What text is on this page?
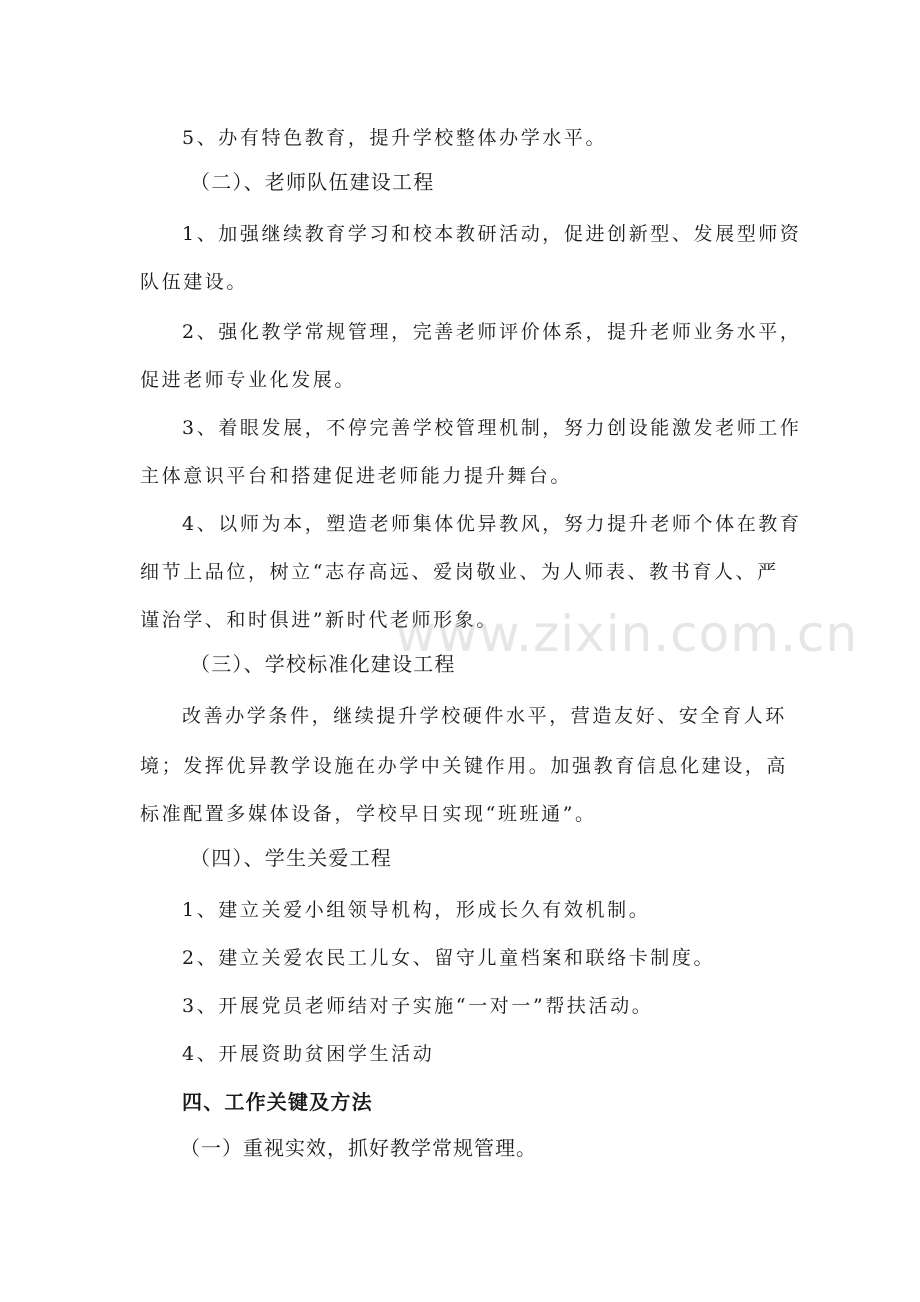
www.zixin.com.cn
5、办有特色教育，提升学校整体办学水平。
（二）、老师队伍建设工程
1、加强继续教育学习和校本教研活动，促进创新型、发展型师资
队伍建设。
2、强化教学常规管理，完善老师评价体系，提升老师业务水平，
促进老师专业化发展。
3、着眼发展，不停完善学校管理机制，努力创设能激发老师工作
主体意识平台和搭建促进老师能力提升舞台。
4、以师为本，塑造老师集体优异教风，努力提升老师个体在教育
细节上品位，树立“志存高远、爱岗敬业、为人师表、教书育人、严
谨治学、和时俱进”新时代老师形象。
（三）、学校标准化建设工程
改善办学条件，继续提升学校硬件水平，营造友好、安全育人环
境；发挥优异教学设施在办学中关键作用。加强教育信息化建设，高
标准配置多媒体设备，学校早日实现“班班通”。
（四）、学生关爱工程
1、建立关爱小组领导机构，形成长久有效机制。
2、建立关爱农民工儿女、留守儿童档案和联络卡制度。
3、开展党员老师结对子实施“一对一”帮扶活动。
4、开展资助贫困学生活动
四、工作关键及方法
（一）重视实效，抓好教学常规管理。
